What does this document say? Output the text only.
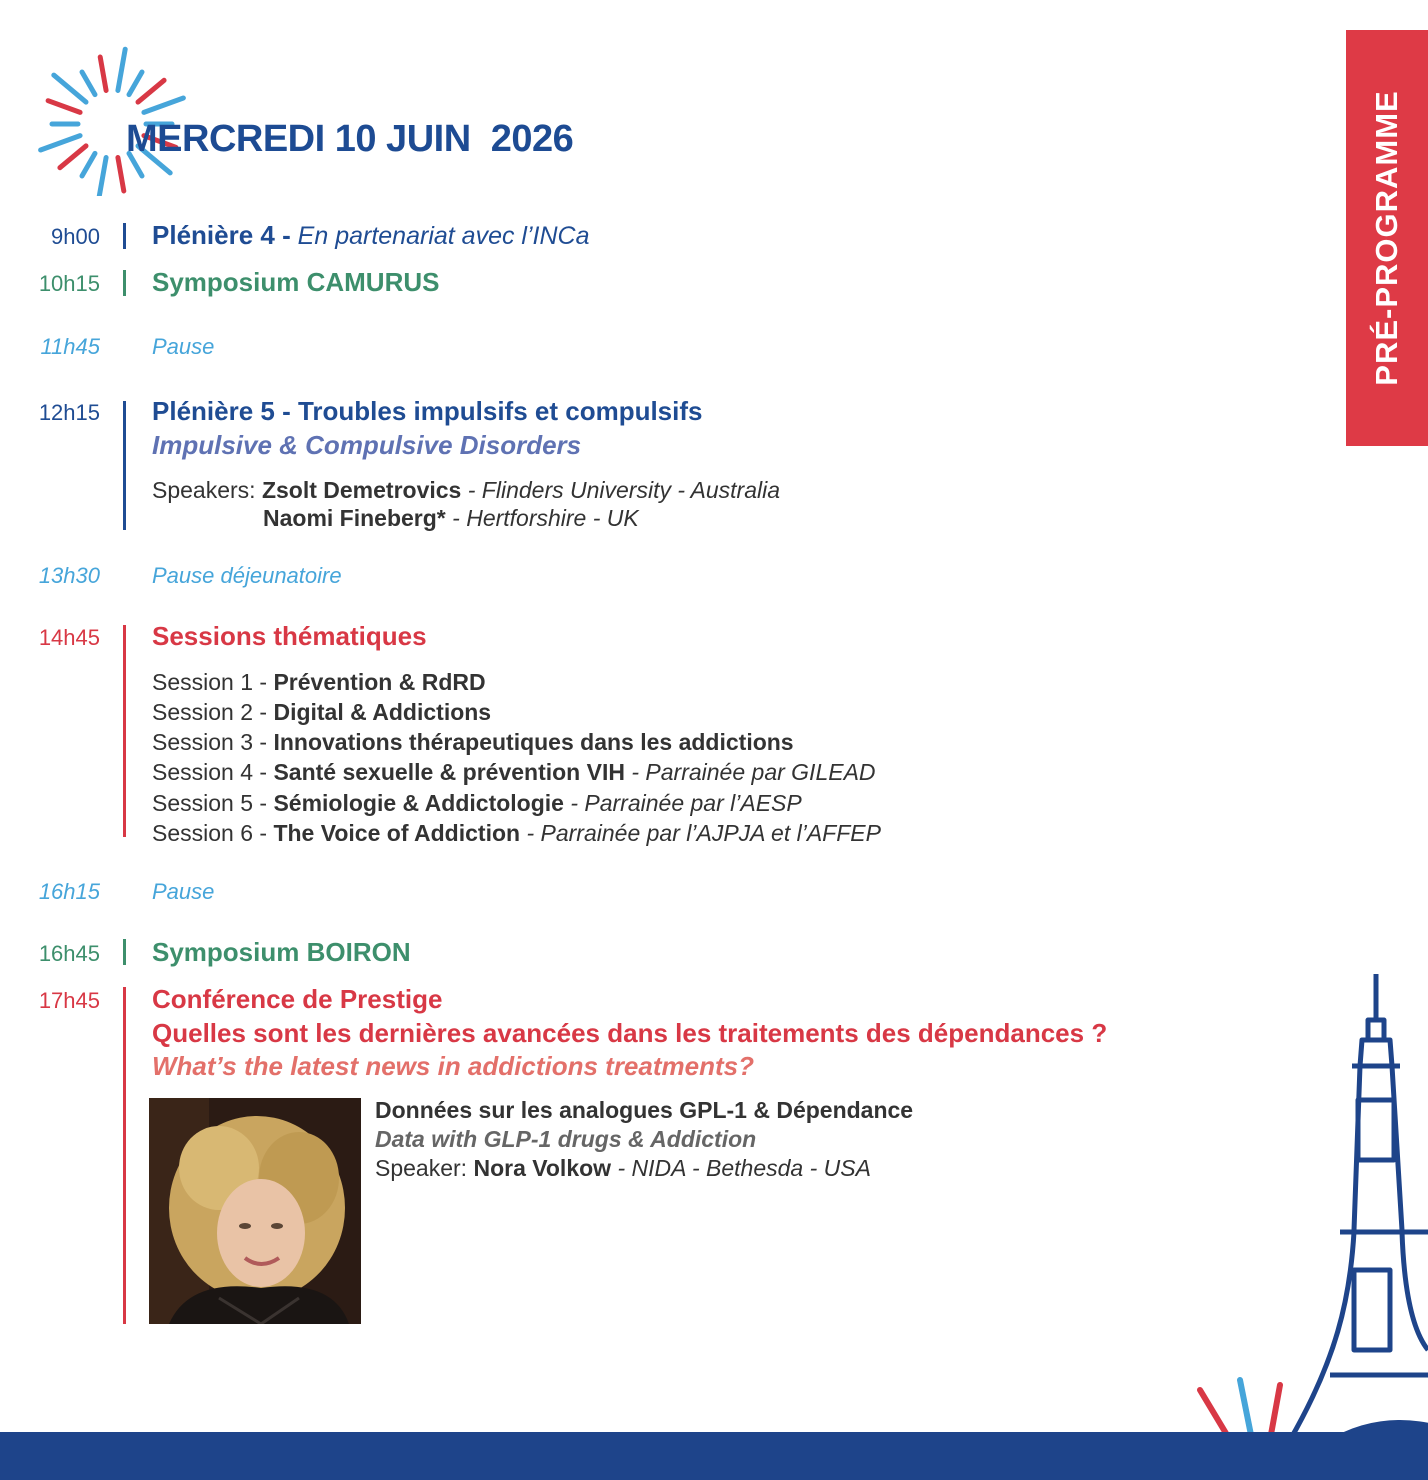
MERCREDI 10 JUIN  2026	PRÉ-PROGRAMME
9h00 Plénière 4 - En partenariat avec l’INCa
10h15 Symposium CAMURUS
11h45 Pause
12h15 Plénière 5 - Troubles impulsifs et compulsifs
Impulsive & Compulsive Disorders
Speakers: Zsolt Demetrovics - Flinders University - Australia
Naomi Fineberg* - Hertforshire - UK
13h30 Pause déjeunatoire
14h45 Sessions thématiques
Session 1 - Prévention & RdRD
Session 2 - Digital & Addictions
Session 3 - Innovations thérapeutiques dans les addictions
Session 4 - Santé sexuelle & prévention VIH - Parrainée par GILEAD
Session 5 - Sémiologie & Addictologie - Parrainée par l’AESP
Session 6 - The Voice of Addiction - Parrainée par l’AJPJA et l’AFFEP
16h15 Pause
16h45 Symposium BOIRON
17h45 Conférence de Prestige
Quelles sont les dernières avancées dans les traitements des dépendances ?
What’s the latest news in addictions treatments?
Données sur les analogues GPL-1 & Dépendance
Data with GLP-1 drugs & Addiction
Speaker: Nora Volkow - NIDA - Bethesda - USA
